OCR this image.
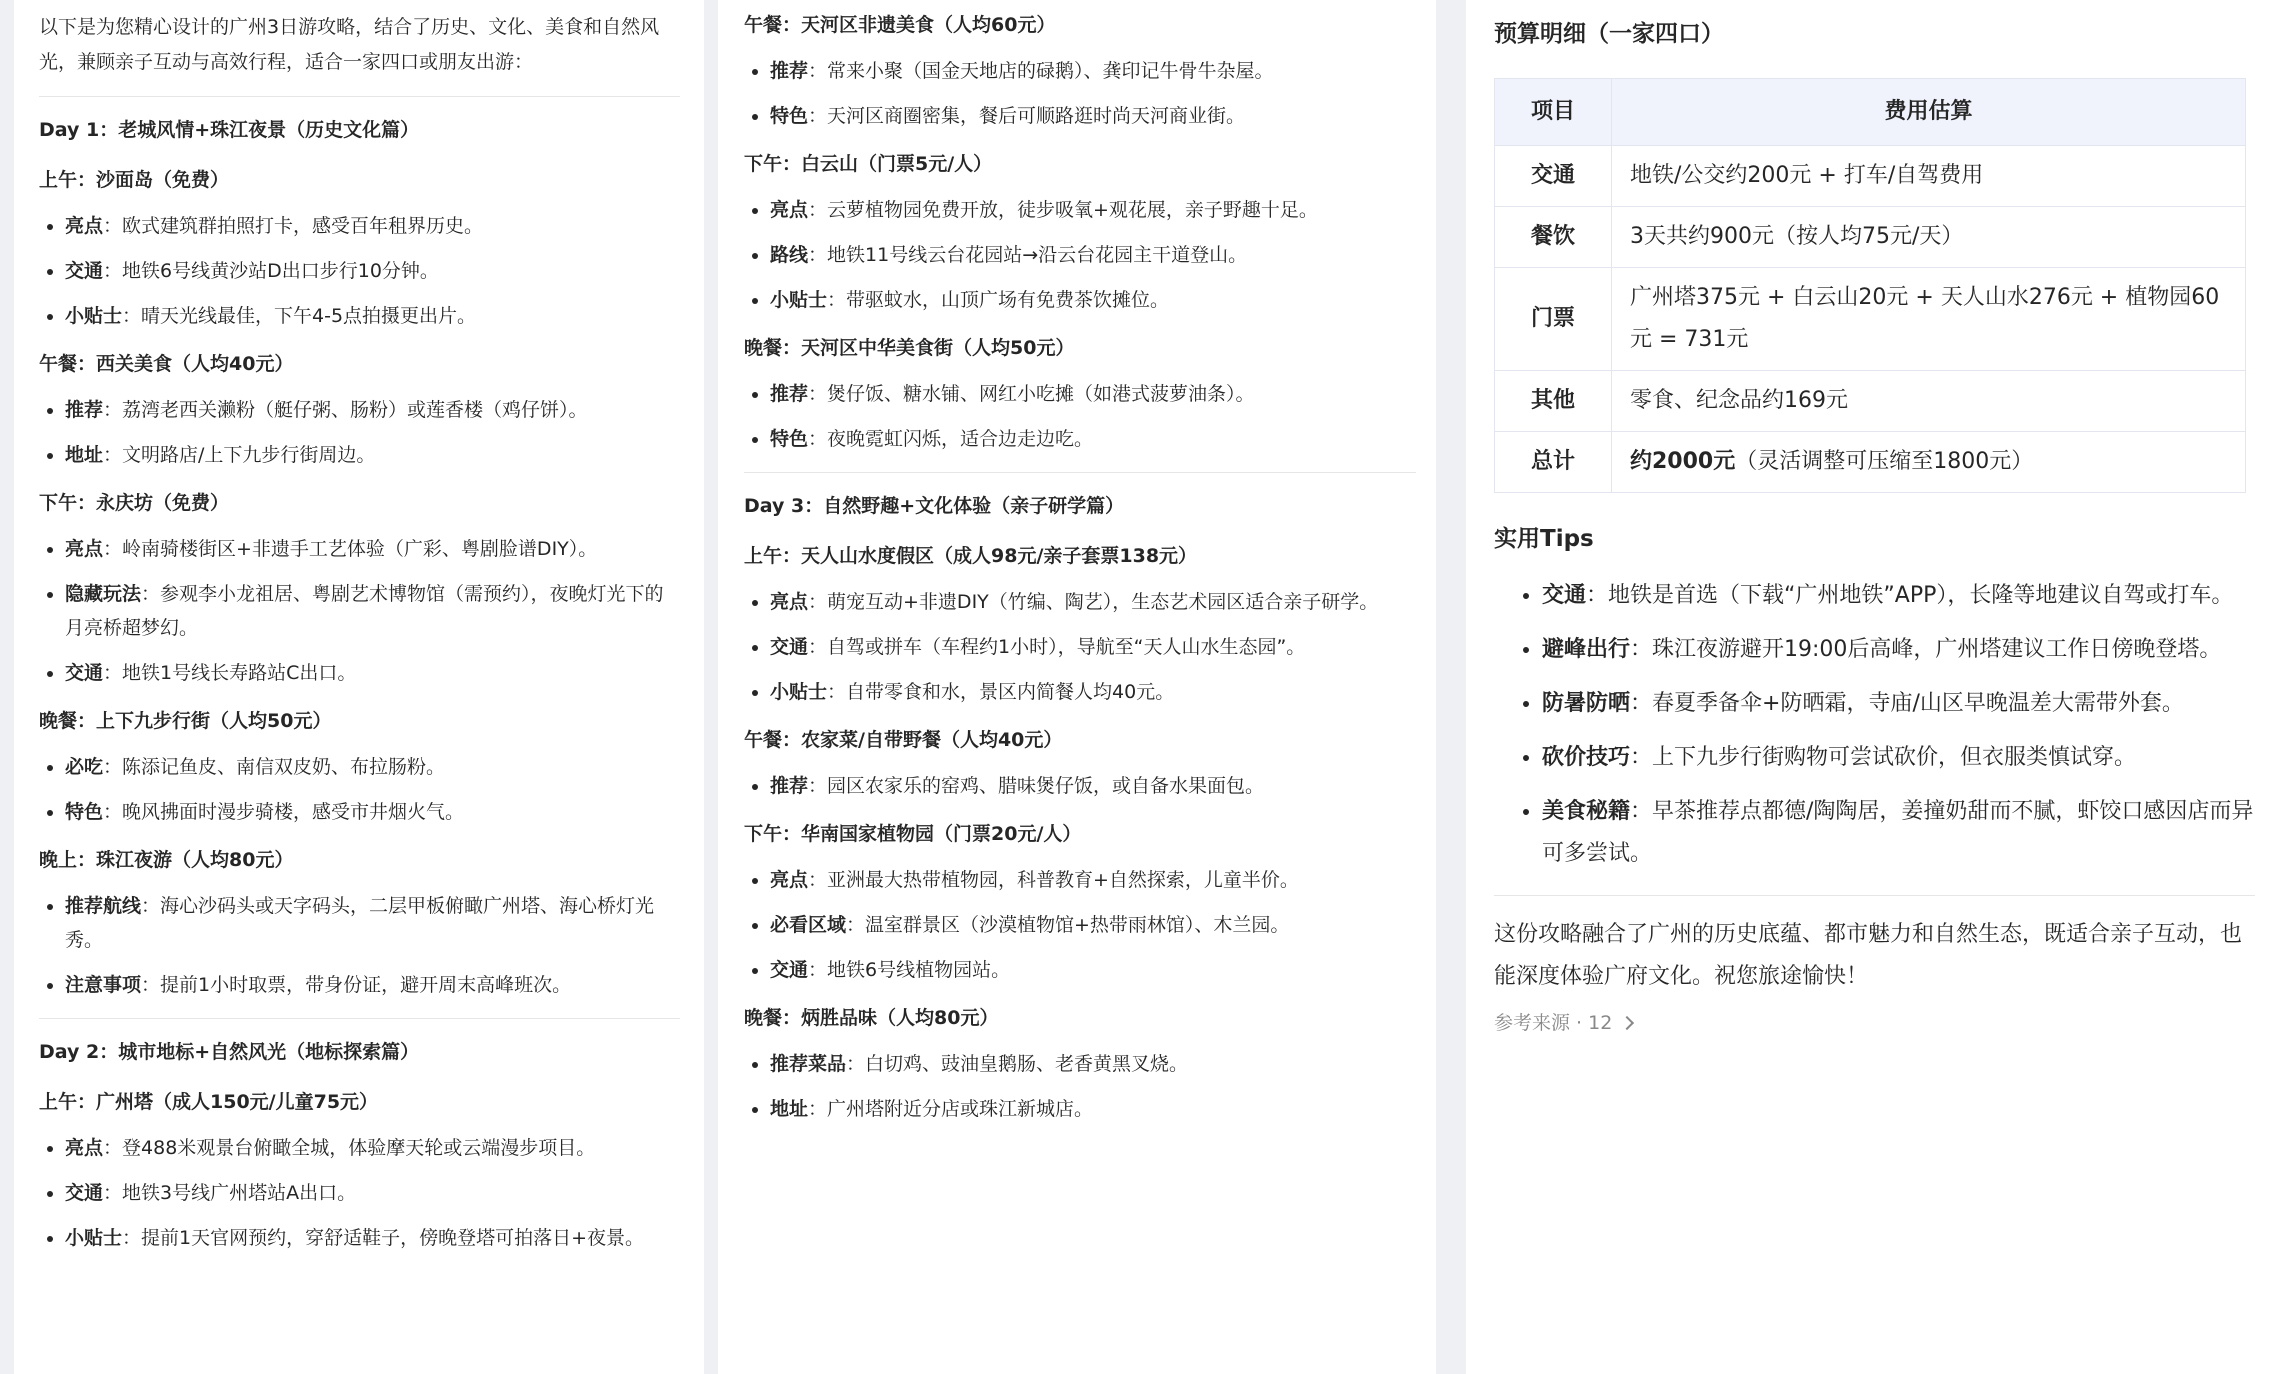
以下是为您精心设计的广州3日游攻略，结合了历史、文化、美食和自然风光，兼顾亲子互动与高效行程，适合一家四口或朋友出游：

Day 1：老城风情+珠江夜景（历史文化篇）
上午：沙面岛（免费）
• 亮点：欧式建筑群拍照打卡，感受百年租界历史。
• 交通：地铁6号线黄沙站D出口步行10分钟。
• 小贴士：晴天光线最佳，下午4-5点拍摄更出片。
午餐：西关美食（人均40元）
• 推荐：荔湾老西关濑粉（艇仔粥、肠粉）或莲香楼（鸡仔饼）。
• 地址：文明路店/上下九步行街周边。
下午：永庆坊（免费）
• 亮点：岭南骑楼街区+非遗手工艺体验（广彩、粤剧脸谱DIY）。
• 隐藏玩法：参观李小龙祖居、粤剧艺术博物馆（需预约），夜晚灯光下的月亮桥超梦幻。
• 交通：地铁1号线长寿路站C出口。
晚餐：上下九步行街（人均50元）
• 必吃：陈添记鱼皮、南信双皮奶、布拉肠粉。
• 特色：晚风拂面时漫步骑楼，感受市井烟火气。
晚上：珠江夜游（人均80元）
• 推荐航线：海心沙码头或天字码头，二层甲板俯瞰广州塔、海心桥灯光秀。
• 注意事项：提前1小时取票，带身份证，避开周末高峰班次。
Day 2：城市地标+自然风光（地标探索篇）
上午：广州塔（成人150元/儿童75元）
• 亮点：登488米观景台俯瞰全城，体验摩天轮或云端漫步项目。
• 交通：地铁3号线广州塔站A出口。
• 小贴士：提前1天官网预约，穿舒适鞋子，傍晚登塔可拍落日+夜景。
午餐：天河区非遗美食（人均60元）
• 推荐：常来小聚（国金天地店的碌鹅）、龚印记牛骨牛杂屋。
• 特色：天河区商圈密集，餐后可顺路逛时尚天河商业街。
下午：白云山（门票5元/人）
• 亮点：云萝植物园免费开放，徒步吸氧+观花展，亲子野趣十足。
• 路线：地铁11号线云台花园站→沿云台花园主干道登山。
• 小贴士：带驱蚊水，山顶广场有免费茶饮摊位。
晚餐：天河区中华美食街（人均50元）
• 推荐：煲仔饭、糖水铺、网红小吃摊（如港式菠萝油条）。
• 特色：夜晚霓虹闪烁，适合边走边吃。
Day 3：自然野趣+文化体验（亲子研学篇）
上午：天人山水度假区（成人98元/亲子套票138元）
• 亮点：萌宠互动+非遗DIY（竹编、陶艺），生态艺术园区适合亲子研学。
• 交通：自驾或拼车（车程约1小时），导航至“天人山水生态园”。
• 小贴士：自带零食和水，景区内简餐人均40元。
午餐：农家菜/自带野餐（人均40元）
• 推荐：园区农家乐的窑鸡、腊味煲仔饭，或自备水果面包。
下午：华南国家植物园（门票20元/人）
• 亮点：亚洲最大热带植物园，科普教育+自然探索，儿童半价。
• 必看区域：温室群景区（沙漠植物馆+热带雨林馆）、木兰园。
• 交通：地铁6号线植物园站。
晚餐：炳胜品味（人均80元）
• 推荐菜品：白切鸡、豉油皇鹅肠、老香黄黑叉烧。
• 地址：广州塔附近分店或珠江新城店。
预算明细（一家四口）
项目	费用估算
交通	地铁/公交约200元 + 打车/自驾费用
餐饮	3天共约900元（按人均75元/天）
门票	广州塔375元 + 白云山20元 + 天人山水276元 + 植物园60元 = 731元
其他	零食、纪念品约169元
总计	约2000元（灵活调整可压缩至1800元）
实用Tips
• 交通：地铁是首选（下载“广州地铁”APP），长隆等地建议自驾或打车。
• 避峰出行：珠江夜游避开19:00后高峰，广州塔建议工作日傍晚登塔。
• 防暑防晒：春夏季备伞+防晒霜，寺庙/山区早晚温差大需带外套。
• 砍价技巧：上下九步行街购物可尝试砍价，但衣服类慎试穿。
• 美食秘籍：早茶推荐点都德/陶陶居，姜撞奶甜而不腻，虾饺口感因店而异可多尝试。

这份攻略融合了广州的历史底蕴、都市魅力和自然生态，既适合亲子互动，也能深度体验广府文化。祝您旅途愉快！

参考来源 · 12
